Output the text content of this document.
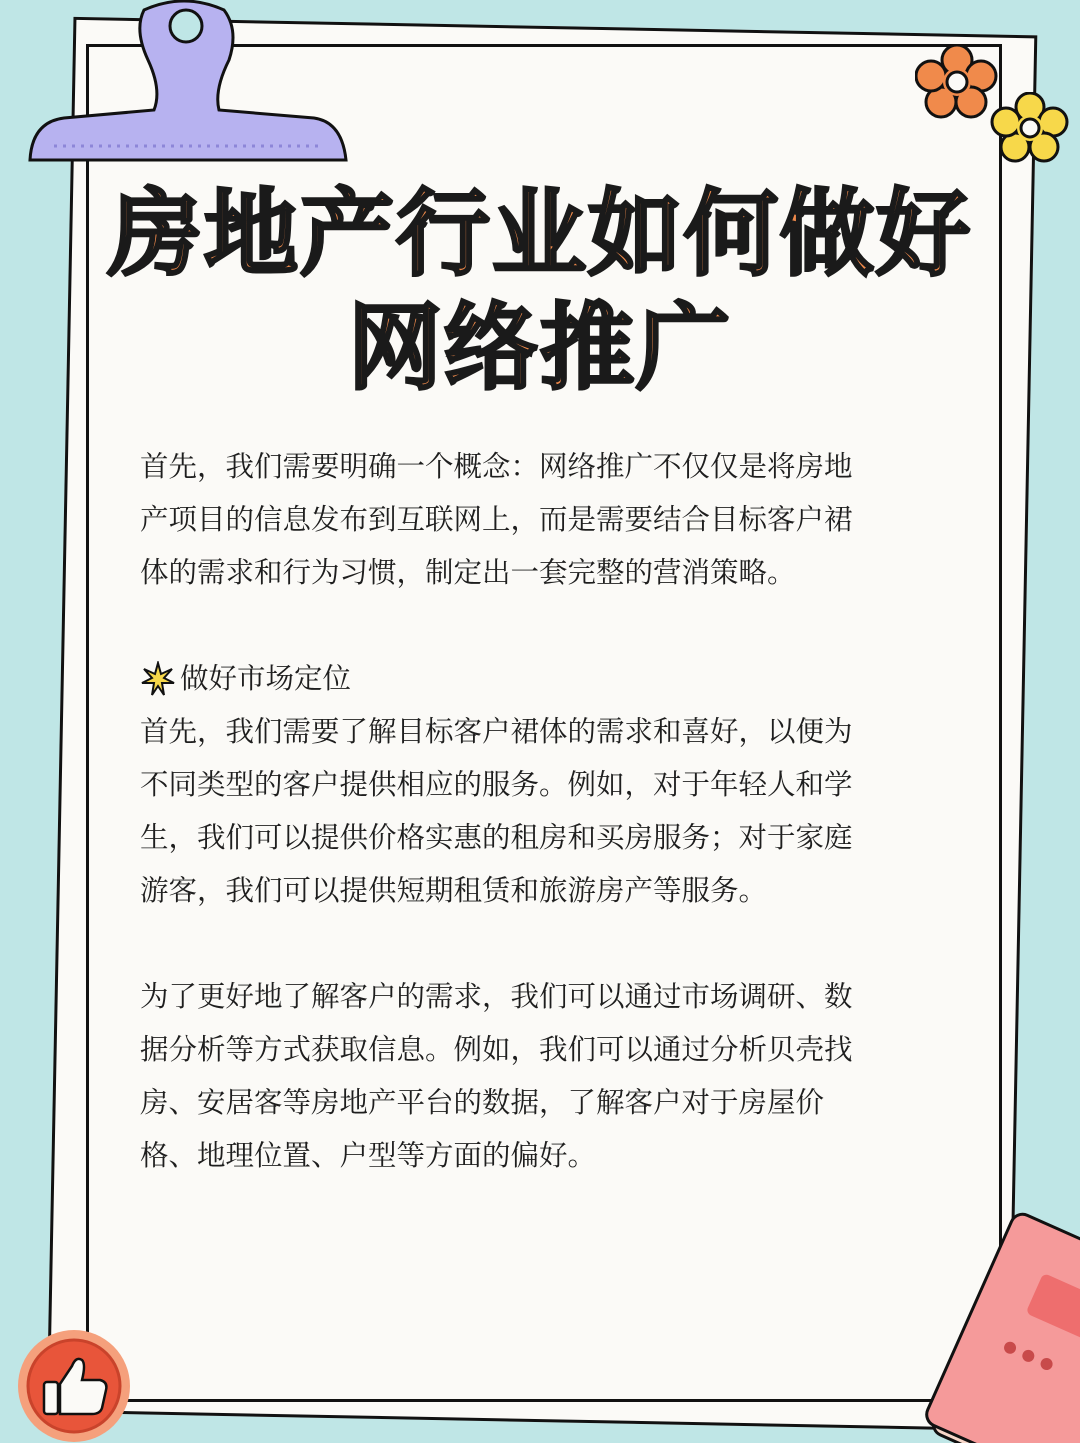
房地产行业如何做好
网络推广

首先，我们需要明确一个概念：网络推广不仅仅是将房地

产项目的信息发布到互联网上，而是需要结合目标客户裙

体的需求和行为习惯，制定出一套完整的营消策略。

做好市场定位

首先，我们需要了解目标客户裙体的需求和喜好，以便为

不同类型的客户提供相应的服务。例如，对于年轻人和学

生，我们可以提供价格实惠的租房和买房服务；对于家庭

游客，我们可以提供短期租赁和旅游房产等服务。

为了更好地了解客户的需求，我们可以通过市场调研、数

据分析等方式获取信息。例如，我们可以通过分析贝壳找

房、安居客等房地产平台的数据，了解客户对于房屋价

格、地理位置、户型等方面的偏好。
